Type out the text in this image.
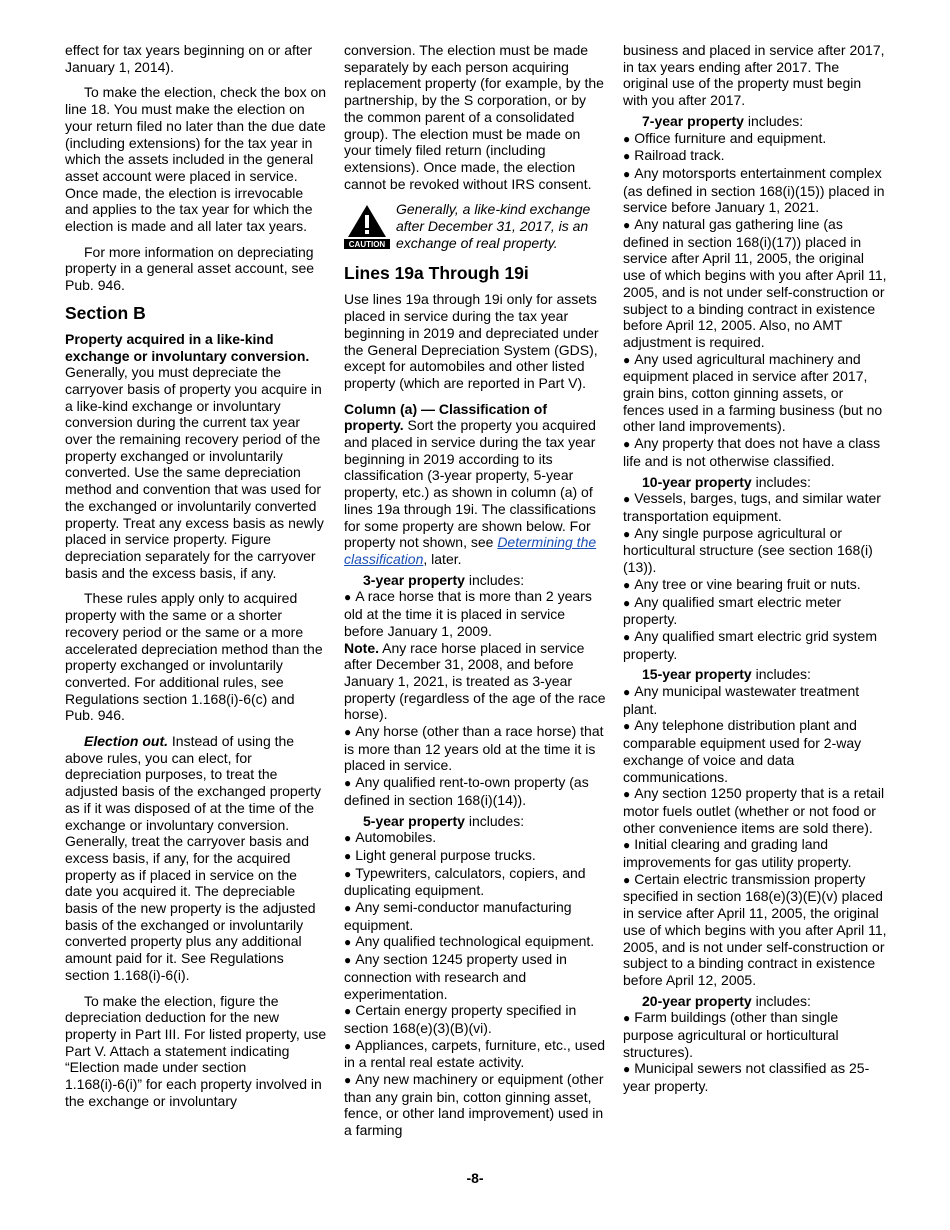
effect for tax years beginning on or after January 1, 2014).

To make the election, check the box on line 18. You must make the election on your return filed no later than the due date (including extensions) for the tax year in which the assets included in the general asset account were placed in service. Once made, the election is irrevocable and applies to the tax year for which the election is made and all later tax years.

For more information on depreciating property in a general asset account, see Pub. 946.

Section B

Property acquired in a like-kind exchange or involuntary conversion. Generally, you must depreciate the carryover basis of property you acquire in a like-kind exchange or involuntary conversion during the current tax year over the remaining recovery period of the property exchanged or involuntarily converted. Use the same depreciation method and convention that was used for the exchanged or involuntarily converted property. Treat any excess basis as newly placed in service property. Figure depreciation separately for the carryover basis and the excess basis, if any.

These rules apply only to acquired property with the same or a shorter recovery period or the same or a more accelerated depreciation method than the property exchanged or involuntarily converted. For additional rules, see Regulations section 1.168(i)-6(c) and Pub. 946.

Election out. Instead of using the above rules, you can elect, for depreciation purposes, to treat the adjusted basis of the exchanged property as if it was disposed of at the time of the exchange or involuntary conversion. Generally, treat the carryover basis and excess basis, if any, for the acquired property as if placed in service on the date you acquired it. The depreciable basis of the new property is the adjusted basis of the exchanged or involuntarily converted property plus any additional amount paid for it. See Regulations section 1.168(i)-6(i).

To make the election, figure the depreciation deduction for the new property in Part III. For listed property, use Part V. Attach a statement indicating “Election made under section 1.168(i)-6(i)” for each property involved in the exchange or involuntary

conversion. The election must be made separately by each person acquiring replacement property (for example, by the partnership, by the S corporation, or by the common parent of a consolidated group). The election must be made on your timely filed return (including extensions). Once made, the election cannot be revoked without IRS consent.

CAUTION
Generally, a like-kind exchange after December 31, 2017, is an exchange of real property.
Lines 19a Through 19i

Use lines 19a through 19i only for assets placed in service during the tax year beginning in 2019 and depreciated under the General Depreciation System (GDS), except for automobiles and other listed property (which are reported in Part V).

Column (a) — Classification of property. Sort the property you acquired and placed in service during the tax year beginning in 2019 according to its classification (3-year property, 5-year property, etc.) as shown in column (a) of lines 19a through 19i. The classifications for some property are shown below. For property not shown, see Determining the classification, later.

3-year property includes:
● A race horse that is more than 2 years old at the time it is placed in service before January 1, 2009.
Note. Any race horse placed in service after December 31, 2008, and before January 1, 2021, is treated as 3-year property (regardless of the age of the race horse).
● Any horse (other than a race horse) that is more than 12 years old at the time it is placed in service.
● Any qualified rent-to-own property (as defined in section 168(i)(14)).
5-year property includes:
● Automobiles.
● Light general purpose trucks.
● Typewriters, calculators, copiers, and duplicating equipment.
● Any semi-conductor manufacturing equipment.
● Any qualified technological equipment.
● Any section 1245 property used in connection with research and experimentation.
● Certain energy property specified in section 168(e)(3)(B)(vi).
● Appliances, carpets, furniture, etc., used in a rental real estate activity.
● Any new machinery or equipment (other than any grain bin, cotton ginning asset, fence, or other land improvement) used in a farming

business and placed in service after 2017, in tax years ending after 2017. The original use of the property must begin with you after 2017.

7-year property includes:
● Office furniture and equipment.
● Railroad track.
● Any motorsports entertainment complex (as defined in section 168(i)(15)) placed in service before January 1, 2021.
● Any natural gas gathering line (as defined in section 168(i)(17)) placed in service after April 11, 2005, the original use of which begins with you after April 11, 2005, and is not under self-construction or subject to a binding contract in existence before April 12, 2005. Also, no AMT adjustment is required.
● Any used agricultural machinery and equipment placed in service after 2017, grain bins, cotton ginning assets, or fences used in a farming business (but no other land improvements).
● Any property that does not have a class life and is not otherwise classified.
10-year property includes:
● Vessels, barges, tugs, and similar water transportation equipment.
● Any single purpose agricultural or horticultural structure (see section 168(i)(13)).
● Any tree or vine bearing fruit or nuts.
● Any qualified smart electric meter property.
● Any qualified smart electric grid system property.
15-year property includes:
● Any municipal wastewater treatment plant.
● Any telephone distribution plant and comparable equipment used for 2-way exchange of voice and data communications.
● Any section 1250 property that is a retail motor fuels outlet (whether or not food or other convenience items are sold there).
● Initial clearing and grading land improvements for gas utility property.
● Certain electric transmission property specified in section 168(e)(3)(E)(v) placed in service after April 11, 2005, the original use of which begins with you after April 11, 2005, and is not under self-construction or subject to a binding contract in existence before April 12, 2005.
20-year property includes:
● Farm buildings (other than single purpose agricultural or horticultural structures).
● Municipal sewers not classified as 25-year property.
-8-
